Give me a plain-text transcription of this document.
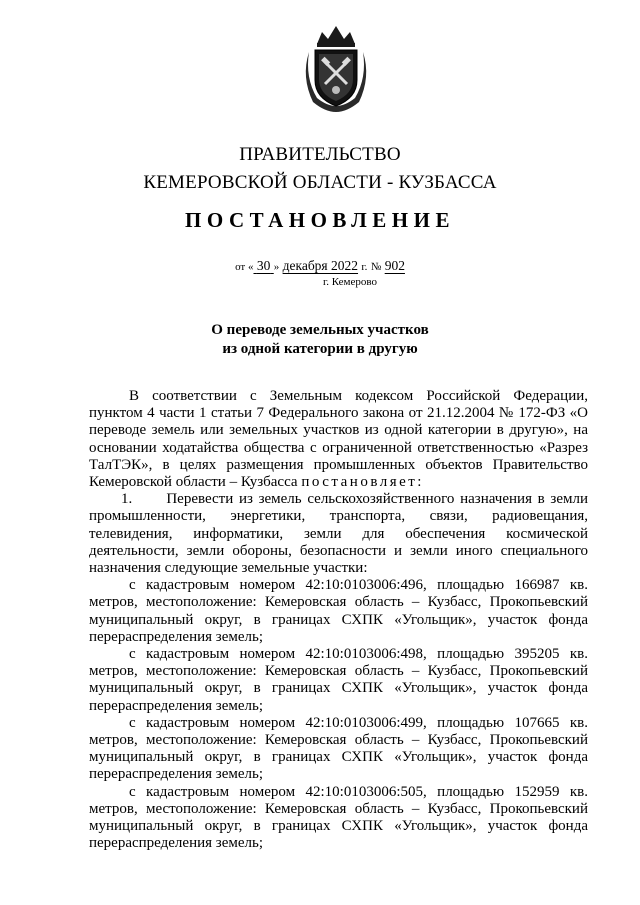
ПРАВИТЕЛЬСТВО
КЕМЕРОВСКОЙ ОБЛАСТИ - КУЗБАССА
ПОСТАНОВЛЕНИЕ
от « 30 » декабря 2022 г. № 902
г. Кемерово
О переводе земельных участков
из одной категории в другую

В соответствии с Земельным кодексом Российской Федерации, пунктом 4 части 1 статьи 7 Федерального закона от 21.12.2004 № 172-ФЗ «О переводе земель или земельных участков из одной категории в другую», на основании ходатайства общества с ограниченной ответственностью «Разрез ТалТЭК», в целях размещения промышленных объектов Правительство Кемеровской области – Кузбасса постановляет:

1. Перевести из земель сельскохозяйственного назначения в земли промышленности, энергетики, транспорта, связи, радиовещания, телевидения, информатики, земли для обеспечения космической деятельности, земли обороны, безопасности и земли иного специального назначения следующие земельные участки:

с кадастровым номером 42:10:0103006:496, площадью 166987 кв. метров, местоположение: Кемеровская область – Кузбасс, Прокопьевский муниципальный округ, в границах СХПК «Угольщик», участок фонда перераспределения земель;

с кадастровым номером 42:10:0103006:498, площадью 395205 кв. метров, местоположение: Кемеровская область – Кузбасс, Прокопьевский муниципальный округ, в границах СХПК «Угольщик», участок фонда перераспределения земель;

с кадастровым номером 42:10:0103006:499, площадью 107665 кв. метров, местоположение: Кемеровская область – Кузбасс, Прокопьевский муниципальный округ, в границах СХПК «Угольщик», участок фонда перераспределения земель;

с кадастровым номером 42:10:0103006:505, площадью 152959 кв. метров, местоположение: Кемеровская область – Кузбасс, Прокопьевский муниципальный округ, в границах СХПК «Угольщик», участок фонда перераспределения земель;
